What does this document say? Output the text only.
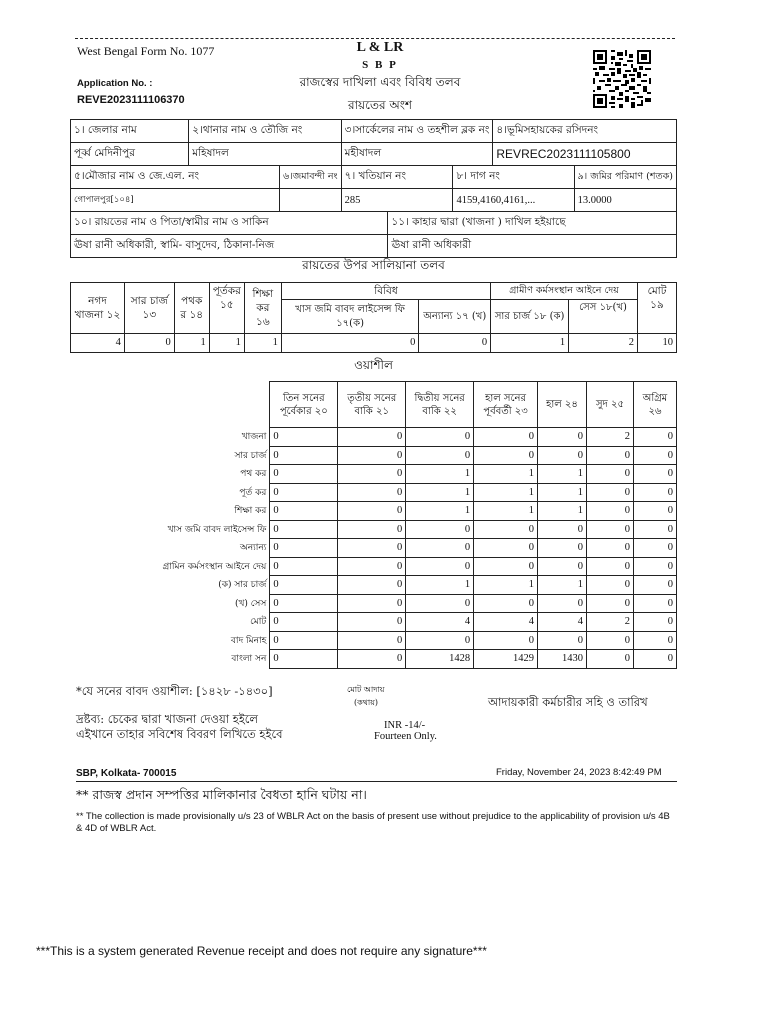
West Bengal Form No. 1077	L & LR
S B P
রাজস্বের দাখিলা এবং বিবিধ তলব
রায়তের অংশ
Application No. :
REVE2023111106370
১। জেলার নাম	২।থানার নাম ও তৌজি নং		৩।সার্কেলের নাম ও তহশীল ব্লক নং			৪।ভূমিসহায়কের রসিদনং	
পূর্ব্ব মেদিনীপুর	মহিষাদল		মহীষাদল			REVREC2023111105800	
৫।মৌজার নাম ও জে.এল. নং		৬।জমাবন্দী নং	৭। খতিয়ান নং		৮। দাগ নং		৯। জমির পরিমাণ (শতক)
গোপালপুর[১০৪]			285		4159,4160,4161,...		13.0000
১০। রায়তের নাম ও পিতা/স্বামীর নাম ও সাকিন				১১। কাহার দ্বারা (খাজনা ) দাখিল হইয়াছে			
ঊষা রানী অধিকারী, স্বামি- বাসুদেব, ঠিকানা-নিজ				ঊষা রানী অধিকারী			
রায়তের উপর সালিয়ানা তলব
নগদ খাজনা ১২	সার চার্জ ১৩	পথক র ১৪	পূর্তকর ১৫	শিক্ষা কর ১৬	বিবিধ		গ্রামীণ কর্মসংস্থান আইনে দেয়		মোট ১৯
					খাস জমি বাবদ লাইসেন্স ফি ১৭(ক)	অন্যান্য ১৭ (খ)	সার চার্জ ১৮ (ক)	সেস ১৮(খ)	
4	0	1	1	1	0	0	1	2	10
ওয়াশীল
	তিন সনের পূর্বেকার ২০	তৃতীয় সনের বাকি ২১	দ্বিতীয় সনের বাকি ২২	হাল সনের পূর্ববর্তী ২৩	হাল ২৪	সুদ ২৫	অগ্রিম ২৬
খাজনা	0	0	0	0	0	2	0
সার চার্জ	0	0	0	0	0	0	0
পথ কর	0	0	1	1	1	0	0
পূর্ত কর	0	0	1	1	1	0	0
শিক্ষা কর	0	0	1	1	1	0	0
খাস জমি বাবদ লাইসেন্স ফি	0	0	0	0	0	0	0
অন্যান্য	0	0	0	0	0	0	0
গ্রামিন কর্মসংস্থান আইনে দেয়	0	0	0	0	0	0	0
(ক) সার চার্জ	0	0	1	1	1	0	0
(খ) সেস	0	0	0	0	0	0	0
মোট	0	0	4	4	4	2	0
বাদ মিনাহ	0	0	0	0	0	0	0
বাংলা সন	0	0	1428	1429	1430	0	0
*যে সনের বাবদ ওয়াশীল: [১৪২৮ -১৪৩০]	মোট আদায়
(কথায়)	আদায়কারী কর্মচারীর সহি ও তারিখ
দ্রষ্টব্য: চেকের দ্বারা খাজনা দেওয়া হইলে এইখানে তাহার সবিশেষ বিবরণ লিখিতে হইবে
INR -14/-
Fourteen Only.
SBP, Kolkata- 700015	Friday, November 24, 2023 8:42:49 PM
** রাজস্ব প্রদান সম্পত্তির মালিকানার বৈধতা হানি ঘটায় না।
** The collection is made provisionally u/s 23 of WBLR Act on the basis of present use without prejudice to the applicability of provision u/s 4B & 4D of WBLR Act.
***This is a system generated Revenue receipt and does not require any signature***
